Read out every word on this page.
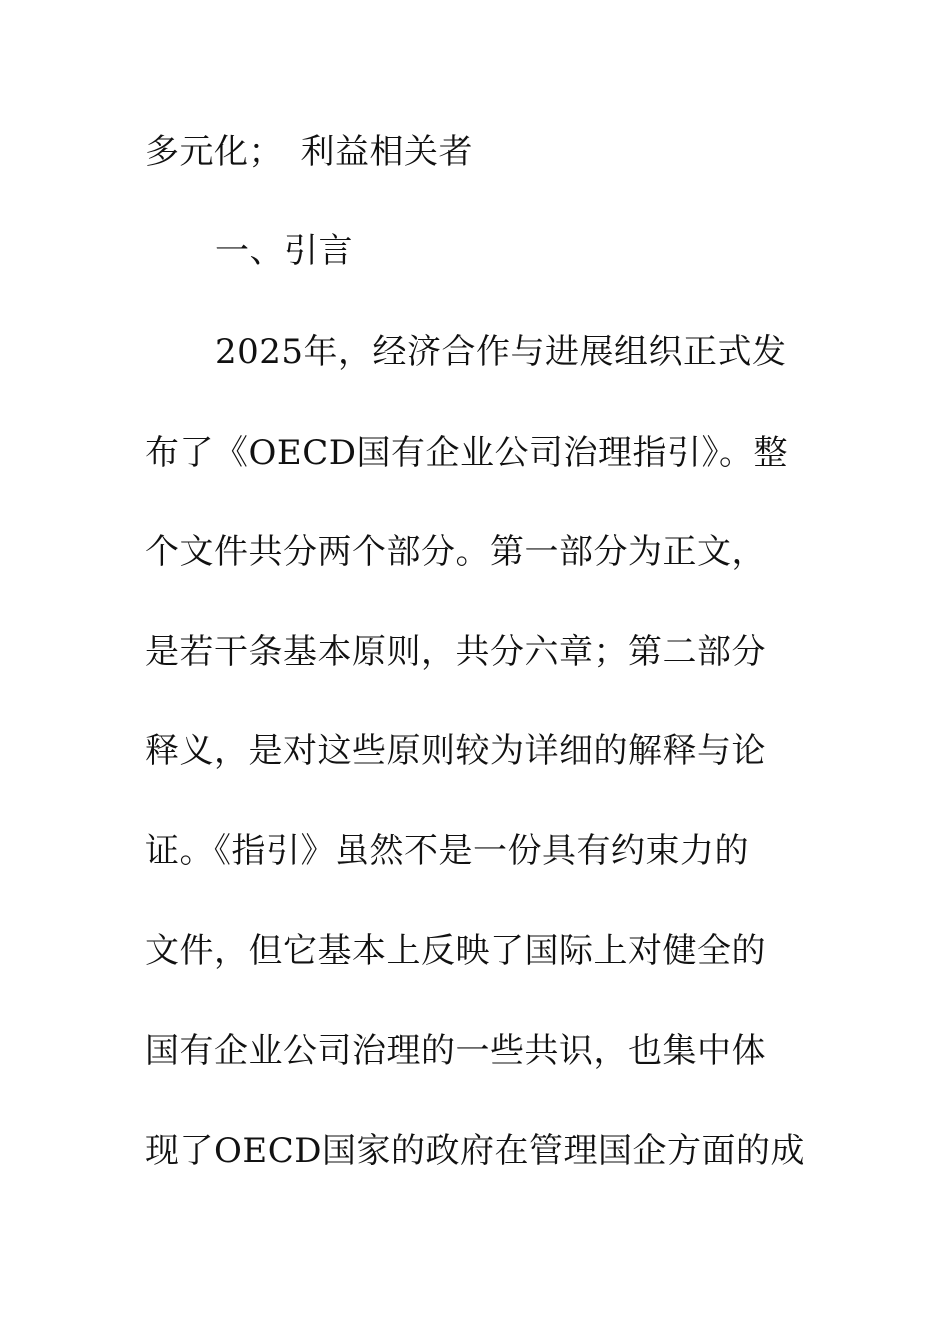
多元化；　利益相关者
一、引言
2025年，经济合作与进展组织正式发
布了《OECD国有企业公司治理指引》。整
个文件共分两个部分。第一部分为正文，
是若干条基本原则，共分六章；第二部分
释义，是对这些原则较为详细的解释与论
证。《指引》虽然不是一份具有约束力的
文件，但它基本上反映了国际上对健全的
国有企业公司治理的一些共识，也集中体
现了OECD国家的政府在管理国企方面的成
